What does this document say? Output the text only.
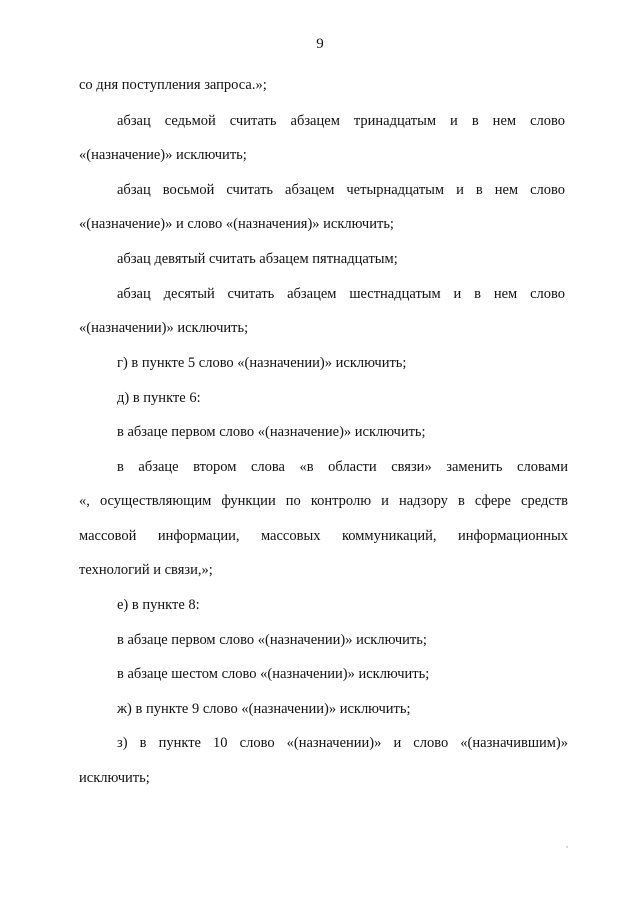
9
со дня поступления запроса.»;
абзац седьмой считать абзацем тринадцатым и в нем слово
«(назначение)» исключить;
абзац восьмой считать абзацем четырнадцатым и в нем слово
«(назначение)» и слово «(назначения)» исключить;
абзац девятый считать абзацем пятнадцатым;
абзац десятый считать абзацем шестнадцатым и в нем слово
«(назначении)» исключить;
г) в пункте 5 слово «(назначении)» исключить;
д) в пункте 6:
в абзаце первом слово «(назначение)» исключить;
в абзаце втором слова «в области связи» заменить словами
«, осуществляющим функции по контролю и надзору в сфере средств
массовой информации, массовых коммуникаций, информационных
технологий и связи,»;
е) в пункте 8:
в абзаце первом слово «(назначении)» исключить;
в абзаце шестом слово «(назначении)» исключить;
ж) в пункте 9 слово «(назначении)» исключить;
з) в пункте 10 слово «(назначении)» и слово «(назначившим)»
исключить;
